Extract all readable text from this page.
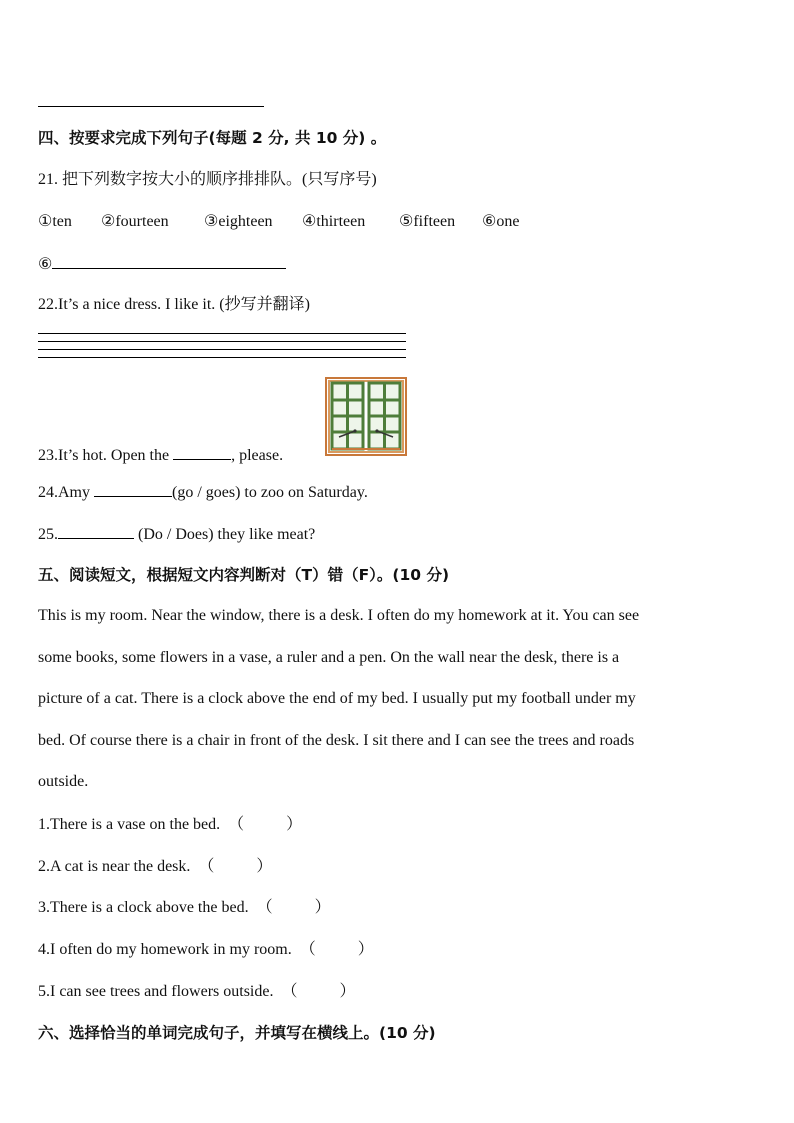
四、按要求完成下列句子(每题 2 分, 共 10 分) 。
21. 把下列数字按大小的顺序排排队。(只写序号)
①ten ②fourteen ③eighteen ④thirteen ⑤fifteen ⑥one
⑥
22.It’s a nice dress. I like it. (抄写并翻译)
23.It’s hot. Open the	, please.
24.Amy	(go / goes) to zoo on Saturday.
25.	(Do / Does) they like meat?
五、阅读短文，根据短文内容判断对（T）错（F）。(10 分)
This is my room. Near the window, there is a desk. I often do my homework at it. You can see
some books, some flowers in a vase, a ruler and a pen. On the wall near the desk, there is a
picture of a cat. There is a clock above the end of my bed. I usually put my football under my
bed. Of course there is a chair in front of the desk. I sit there and I can see the trees and roads
outside.
1.There is a vase on the bed. （	）
2.A cat is near the desk. （	）
3.There is a clock above the bed. （	）
4.I often do my homework in my room. （	）
5.I can see trees and flowers outside. （	）
六、选择恰当的单词完成句子，并填写在横线上。(10 分)
